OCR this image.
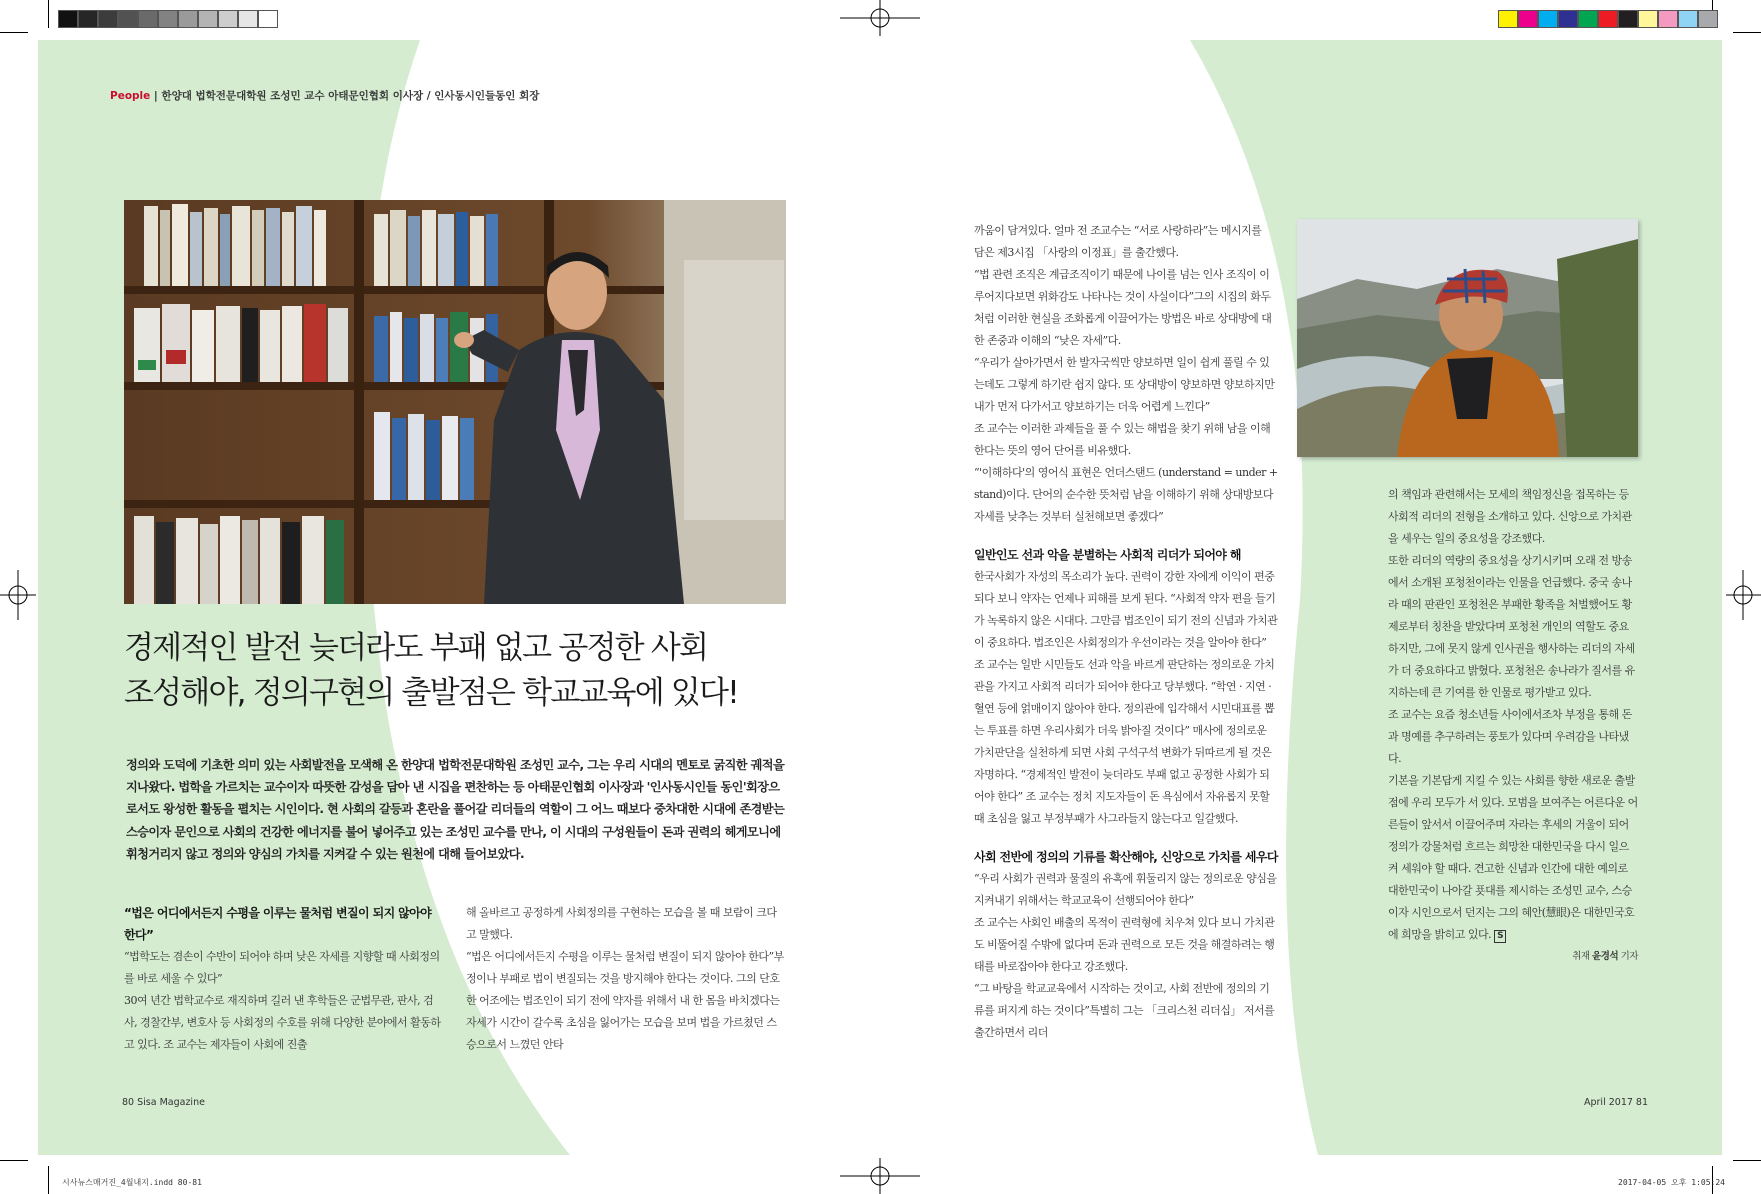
People | 한양대 법학전문대학원 조성민 교수 아태문인협회 이사장 / 인사동시인들동인 회장
경제적인 발전 늦더라도 부패 없고 공정한 사회
조성해야, 정의구현의 출발점은 학교교육에 있다!
정의와 도덕에 기초한 의미 있는 사회발전을 모색해 온 한양대 법학전문대학원 조성민 교수, 그는 우리 시대의 멘토로 굵직한 궤적을 지나왔다. 법학을 가르치는 교수이자 따뜻한 감성을 담아 낸 시집을 편찬하는 등 아태문인협회 이사장과 '인사동시인들 동인'회장으로서도 왕성한 활동을 펼치는 시인이다. 현 사회의 갈등과 혼란을 풀어갈 리더들의 역할이 그 어느 때보다 중차대한 시대에 존경받는 스승이자 문인으로 사회의 건강한 에너지를 불어 넣어주고 있는 조성민 교수를 만나, 이 시대의 구성원들이 돈과 권력의 헤게모니에 휘청거리지 않고 정의와 양심의 가치를 지켜갈 수 있는 원천에 대해 들어보았다.

“법은 어디에서든지 수평을 이루는 물처럼 변질이 되지 않아야 한다”

“법학도는 겸손이 수반이 되어야 하며 낮은 자세를 지향할 때 사회정의를 바로 세울 수 있다”

30여 년간 법학교수로 재직하며 길러 낸 후학들은 군법무관, 판사, 검사, 경찰간부, 변호사 등 사회정의 수호를 위해 다양한 분야에서 활동하고 있다. 조 교수는 제자들이 사회에 진출

해 올바르고 공정하게 사회정의를 구현하는 모습을 볼 때 보람이 크다고 말했다.

“법은 어디에서든지 수평을 이루는 물처럼 변질이 되지 않아야 한다”부정이나 부패로 법이 변질되는 것을 방지해야 한다는 것이다. 그의 단호한 어조에는 법조인이 되기 전에 약자를 위해서 내 한 몸을 바치겠다는 자세가 시간이 갈수록 초심을 잃어가는 모습을 보며 법을 가르쳤던 스승으로서 느꼈던 안타

까움이 담겨있다. 얼마 전 조교수는 “서로 사랑하라”는 메시지를 담은 제3시집 「사랑의 이정표」를 출간했다.

“법 관련 조직은 계급조직이기 때문에 나이를 넘는 인사 조직이 이루어지다보면 위화감도 나타나는 것이 사실이다”그의 시집의 화두처럼 이러한 현실을 조화롭게 이끌어가는 방법은 바로 상대방에 대한 존중과 이해의 “낮은 자세”다.

“우리가 살아가면서 한 발자국씩만 양보하면 일이 쉽게 풀릴 수 있는데도 그렇게 하기란 쉽지 않다. 또 상대방이 양보하면 양보하지만 내가 먼저 다가서고 양보하기는 더욱 어렵게 느낀다”

조 교수는 이러한 과제들을 풀 수 있는 해법을 찾기 위해 남을 이해한다는 뜻의 영어 단어를 비유했다.

“'이해하다'의 영어식 표현은 언더스탠드 (understand = under + stand)이다. 단어의 순수한 뜻처럼 남을 이해하기 위해 상대방보다 자세를 낮추는 것부터 실천해보면 좋겠다”

일반인도 선과 악을 분별하는 사회적 리더가 되어야 해

한국사회가 자성의 목소리가 높다. 권력이 강한 자에게 이익이 편중되다 보니 약자는 언제나 피해를 보게 된다. “사회적 약자 편을 들기가 녹록하지 않은 시대다. 그만큼 법조인이 되기 전의 신념과 가치관이 중요하다. 법조인은 사회정의가 우선이라는 것을 알아야 한다”

조 교수는 일반 시민들도 선과 악을 바르게 판단하는 정의로운 가치관을 가지고 사회적 리더가 되어야 한다고 당부했다. “학연 · 지연 · 혈연 등에 얽매이지 않아야 한다. 정의관에 입각해서 시민대표를 뽑는 투표를 하면 우리사회가 더욱 밝아질 것이다” 매사에 정의로운 가치판단을 실천하게 되면 사회 구석구석 변화가 뒤따르게 될 것은 자명하다. “경제적인 발전이 늦더라도 부패 없고 공정한 사회가 되어야 한다” 조 교수는 정치 지도자들이 돈 욕심에서 자유롭지 못할 때 초심을 잃고 부정부패가 사그라들지 않는다고 일갈했다.

사회 전반에 정의의 기류를 확산해야, 신앙으로 가치를 세우다

“우리 사회가 권력과 물질의 유혹에 휘둘리지 않는 정의로운 양심을 지켜내기 위해서는 학교교육이 선행되어야 한다”

조 교수는 사회인 배출의 목적이 권력형에 치우쳐 있다 보니 가치관도 비뚤어질 수밖에 없다며 돈과 권력으로 모든 것을 해결하려는 행태를 바로잡아야 한다고 강조했다.

“그 바탕을 학교교육에서 시작하는 것이고, 사회 전반에 정의의 기류를 퍼지게 하는 것이다”특별히 그는 「크리스천 리더십」 저서를 출간하면서 리더

의 책임과 관련해서는 모세의 책임정신을 접목하는 등 사회적 리더의 전형을 소개하고 있다. 신앙으로 가치관을 세우는 일의 중요성을 강조했다.

또한 리더의 역량의 중요성을 상기시키며 오래 전 방송에서 소개된 포청천이라는 인물을 언급했다. 중국 송나라 때의 판관인 포청천은 부패한 황족을 처벌했어도 황제로부터 칭찬을 받았다며 포청천 개인의 역할도 중요하지만, 그에 못지 않게 인사권을 행사하는 리더의 자세가 더 중요하다고 밝혔다. 포청천은 송나라가 질서를 유지하는데 큰 기여를 한 인물로 평가받고 있다.

조 교수는 요즘 청소년들 사이에서조차 부정을 통해 돈과 명예를 추구하려는 풍토가 있다며 우려감을 나타냈다.

기본을 기본답게 지킬 수 있는 사회를 향한 새로운 출발점에 우리 모두가 서 있다. 모범을 보여주는 어른다운 어른들이 앞서서 이끌어주며 자라는 후세의 거울이 되어 정의가 강물처럼 흐르는 희망찬 대한민국을 다시 일으켜 세워야 할 때다. 견고한 신념과 인간에 대한 예의로 대한민국이 나아갈 푯대를 제시하는 조성민 교수, 스승이자 시인으로서 던지는 그의 혜안(慧眼)은 대한민국호에 희망을 밝히고 있다. S

취재 윤경석 기자

80 Sisa Magazine	April 2017 81
시사뉴스매거진_4월내지.indd 80-81	2017-04-05 오후 1:05:24
